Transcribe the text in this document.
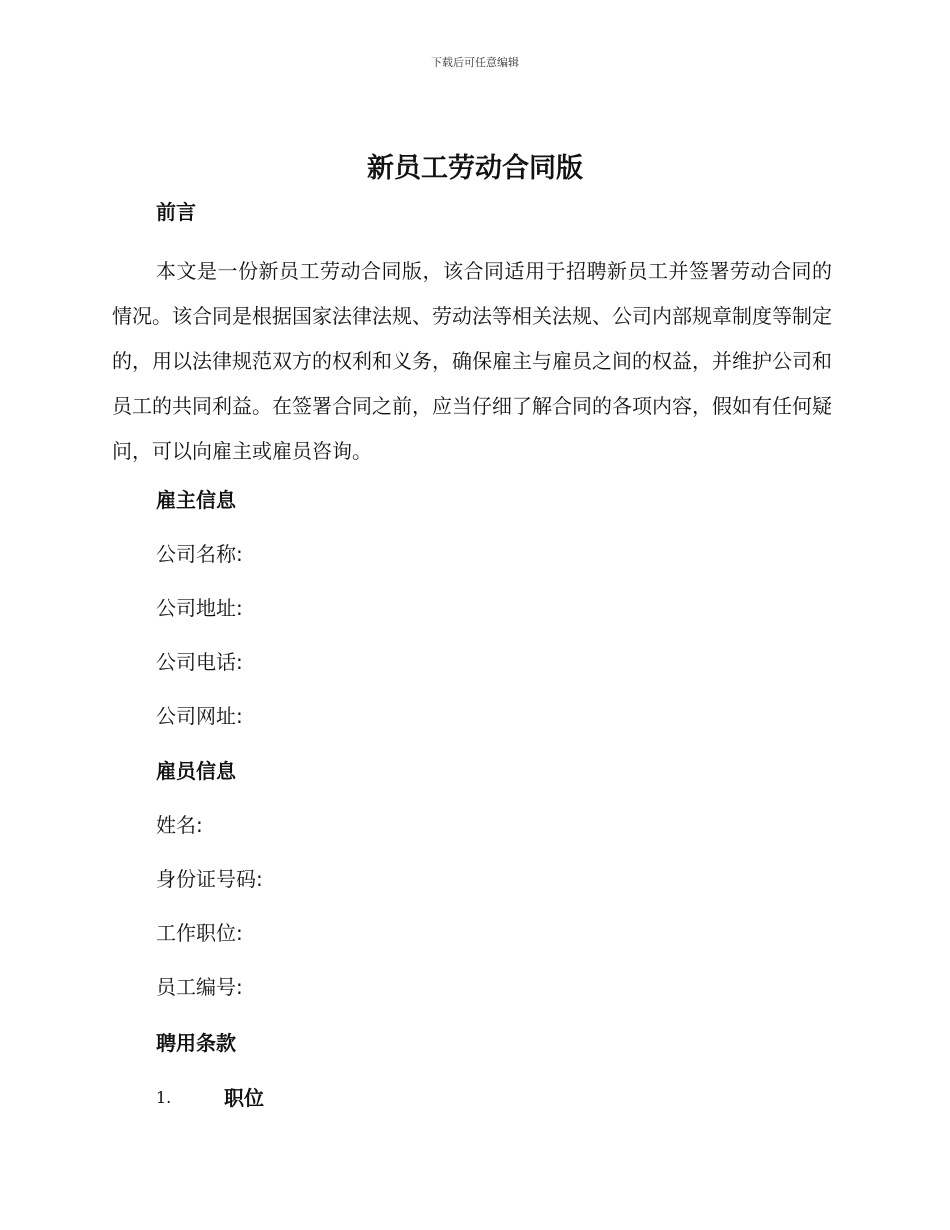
下载后可任意编辑
新员工劳动合同版
前言

本文是一份新员工劳动合同版，该合同适用于招聘新员工并签署劳动合同的情况。该合同是根据国家法律法规、劳动法等相关法规、公司内部规章制度等制定的，用以法律规范双方的权利和义务，确保雇主与雇员之间的权益，并维护公司和员工的共同利益。在签署合同之前，应当仔细了解合同的各项内容，假如有任何疑问，可以向雇主或雇员咨询。

雇主信息
公司名称:
公司地址:
公司电话:
公司网址:
雇员信息
姓名:
身份证号码:
工作职位:
员工编号:
聘用条款
1.	职位
